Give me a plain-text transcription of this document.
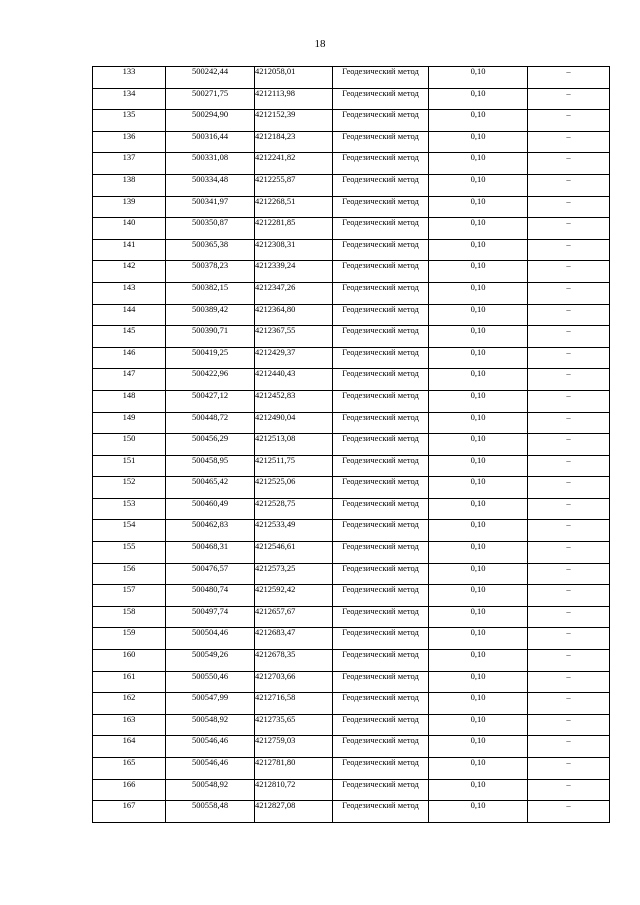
18
133	500242,44	4212058,01	Геодезический метод	0,10	–
134	500271,75	4212113,98	Геодезический метод	0,10	–
135	500294,90	4212152,39	Геодезический метод	0,10	–
136	500316,44	4212184,23	Геодезический метод	0,10	–
137	500331,08	4212241,82	Геодезический метод	0,10	–
138	500334,48	4212255,87	Геодезический метод	0,10	–
139	500341,97	4212268,51	Геодезический метод	0,10	–
140	500350,87	4212281,85	Геодезический метод	0,10	–
141	500365,38	4212308,31	Геодезический метод	0,10	–
142	500378,23	4212339,24	Геодезический метод	0,10	–
143	500382,15	4212347,26	Геодезический метод	0,10	–
144	500389,42	4212364,80	Геодезический метод	0,10	–
145	500390,71	4212367,55	Геодезический метод	0,10	–
146	500419,25	4212429,37	Геодезический метод	0,10	–
147	500422,96	4212440,43	Геодезический метод	0,10	–
148	500427,12	4212452,83	Геодезический метод	0,10	–
149	500448,72	4212490,04	Геодезический метод	0,10	–
150	500456,29	4212513,08	Геодезический метод	0,10	–
151	500458,95	4212511,75	Геодезический метод	0,10	–
152	500465,42	4212525,06	Геодезический метод	0,10	–
153	500460,49	4212528,75	Геодезический метод	0,10	–
154	500462,83	4212533,49	Геодезический метод	0,10	–
155	500468,31	4212546,61	Геодезический метод	0,10	–
156	500476,57	4212573,25	Геодезический метод	0,10	–
157	500480,74	4212592,42	Геодезический метод	0,10	–
158	500497,74	4212657,67	Геодезический метод	0,10	–
159	500504,46	4212683,47	Геодезический метод	0,10	–
160	500549,26	4212678,35	Геодезический метод	0,10	–
161	500550,46	4212703,66	Геодезический метод	0,10	–
162	500547,99	4212716,58	Геодезический метод	0,10	–
163	500548,92	4212735,65	Геодезический метод	0,10	–
164	500546,46	4212759,03	Геодезический метод	0,10	–
165	500546,46	4212781,80	Геодезический метод	0,10	–
166	500548,92	4212810,72	Геодезический метод	0,10	–
167	500558,48	4212827,08	Геодезический метод	0,10	–
